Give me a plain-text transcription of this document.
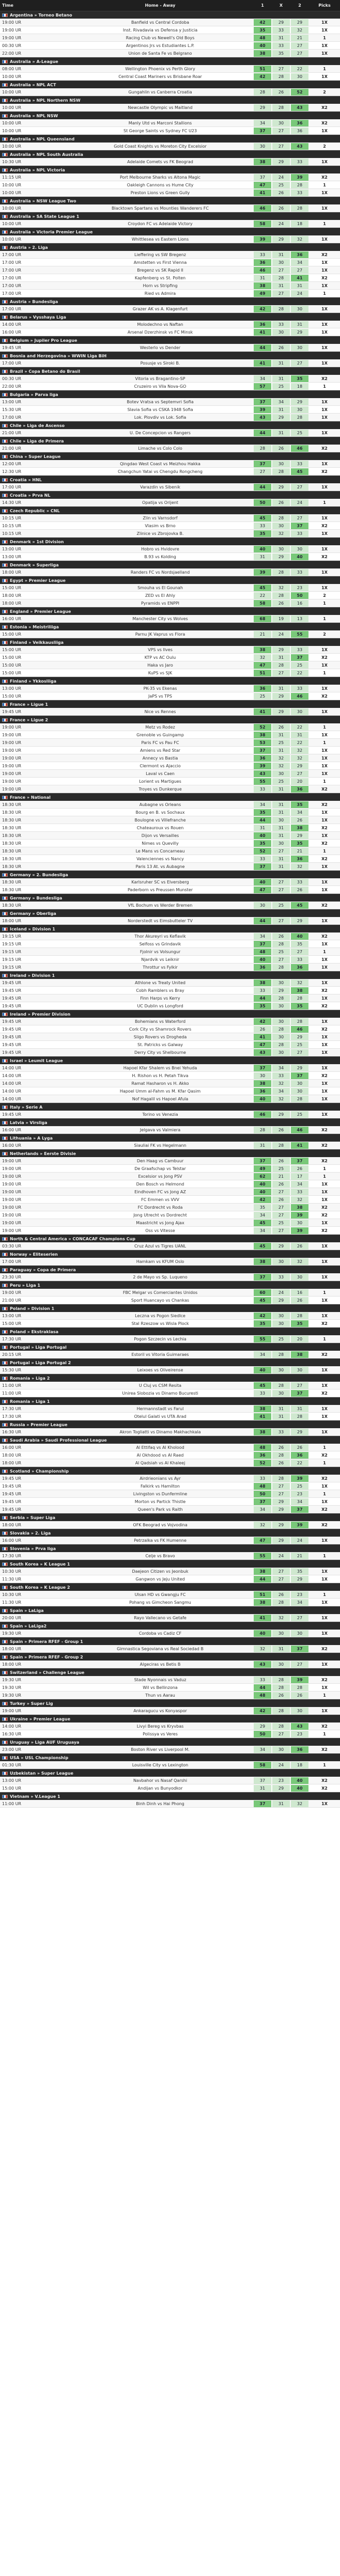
Time	Home - Away	1	X	2	Picks
Argentina » Torneo Betano
19:00 UR	Banfield vs Central Cordoba	42	29	29	1X
19:00 UR	Inst. Rivadavia vs Defensa y Justicia	35	33	32	1X
19:00 UR	Racing Club vs Newell's Old Boys	48	31	21	1
00:30 UR	Argentinos Jrs vs Estudiantes L.P.	40	33	27	1X
22:00 UR	Union de Santa Fe vs Belgrano	38	35	27	1X
Australia » A-League
08:00 UR	Wellington Phoenix vs Perth Glory	51	27	22	1
10:00 UR	Central Coast Mariners vs Brisbane Roar	42	28	30	1X
Australia » NPL ACT
10:00 UR	Gungahlin vs Canberra Croatia	28	26	52	2
Australia » NPL Northern NSW
10:00 UR	Newcastle Olympic vs Maitland	29	28	43	X2
Australia » NPL NSW
10:00 UR	Manly Utd vs Marconi Stallions	34	30	36	X2
10:00 UR	St George Saints vs Sydney FC U23	37	27	36	1X
Australia » NPL Queensland
10:00 UR	Gold Coast Knights vs Moreton City Excelsior	30	27	43	2
Australia » NPL South Australia
10:30 UR	Adelaide Comets vs FK Beograd	38	29	33	1X
Australia » NPL Victoria
11:15 UR	Port Melbourne Sharks vs Altona Magic	37	24	39	X2
10:00 UR	Oakleigh Cannons vs Hume City	47	25	28	1
10:00 UR	Preston Lions vs Green Gully	41	26	33	1X
Australia » NSW League Two
10:00 UR	Blacktown Spartans vs Mounties Wanderers FC	46	26	28	1X
Australia » SA State League 1
10:00 UR	Croydon FC vs Adelaide Victory	58	24	18	1
Australia » Victoria Premier League
10:00 UR	Whittlesea vs Eastern Lions	39	29	32	1X
Austria » 2. Liga
17:00 UR	Lieffering vs SW Bregenz	33	31	36	X2
17:00 UR	Amstetten vs First Vienna	36	30	34	1X
17:00 UR	Bregenz vs SK Rapid II	46	27	27	1X
17:00 UR	Kapfenberg vs St. Polten	31	28	41	X2
17:00 UR	Horn vs Stripfing	38	31	31	1X
17:00 UR	Ried vs Admira	49	27	24	1
Austria » Bundesliga
17:00 UR	Grazer AK vs A. Klagenfurt	42	28	30	1X
Belarus » Vysshaya Liga
14:00 UR	Molodechno vs Naftan	36	33	31	1X
16:00 UR	Arsenal Dzerzhinsk vs FC Minsk	41	30	29	1X
Belgium » Jupiler Pro League
19:45 UR	Westerlo vs Dender	44	26	30	1X
Bosnia and Herzegovina » WWIN Liga BiH
17:00 UR	Posusje vs Siroki B.	41	31	27	1X
Brazil » Copa Betano do Brasil
00:30 UR	Vitoria vs Bragantino-SP	34	31	35	X2
22:00 UR	Cruzeiro vs Vila Nova-GO	57	25	18	1
Bulgaria » Parva liga
13:00 UR	Botev Vratsa vs Septemvri Sofia	37	34	29	1X
15:30 UR	Slavia Sofia vs CSKA 1948 Sofia	39	31	30	1X
17:00 UR	Lok. Plovdiv vs Lok. Sofia	43	29	28	1X
Chile » Liga de Ascenso
21:00 UR	U. De Concepcion vs Rangers	44	31	25	1X
Chile » Liga de Primera
21:00 UR	Limache vs Colo Colo	28	26	46	X2
China » Super League
12:00 UR	Qingdao West Coast vs Meizhou Hakka	37	30	33	1X
12:30 UR	Changchun Yatai vs Chengdu Rongcheng	27	28	45	X2
Croatia » HNL
17:00 UR	Varazdin vs Sibenik	44	29	27	1X
Croatia » Prva NL
14:30 UR	Opatija vs Orijent	50	26	24	1
Czech Republic » CNL
10:15 UR	Zlin vs Varnsdorf	45	28	27	1X
10:15 UR	Vlasim vs Brno	33	30	37	X2
10:15 UR	Zlinice vs Zbrojovka B.	35	32	33	1X
Denmark » 1st Division
13:00 UR	Hobro vs Hvidovre	40	30	30	1X
13:00 UR	B.93 vs Kolding	31	29	40	X2
Denmark » Superliga
18:00 UR	Randers FC vs Nordsjaelland	39	28	33	1X
Egypt » Premier League
15:00 UR	Smouha vs El Gounah	45	32	23	1X
18:00 UR	ZED vs El Ahly	22	28	50	2
18:00 UR	Pyramids vs ENPPI	58	26	16	1
England » Premier League
16:00 UR	Manchester City vs Wolves	68	19	13	1
Estonia » Meistriliiga
15:00 UR	Parnu JK Vaprus vs Flora	21	24	55	2
Finland » Veikkausliiga
15:00 UR	VPS vs Ilves	38	29	33	1X
15:00 UR	KTP vs AC Oulu	32	31	37	X2
15:00 UR	Haka vs Jaro	47	28	25	1X
15:00 UR	KuPS vs SJK	51	27	22	1
Finland » Ykkosliiga
13:00 UR	PK-35 vs Ekenas	36	31	33	1X
15:00 UR	JaPS vs TPS	25	29	46	X2
France » Ligue 1
19:45 UR	Nice vs Rennes	41	29	30	1X
France » Ligue 2
19:00 UR	Metz vs Rodez	52	26	22	1
19:00 UR	Grenoble vs Guingamp	38	31	31	1X
19:00 UR	Paris FC vs Pau FC	53	25	22	1
19:00 UR	Amiens vs Red Star	37	31	32	1X
19:00 UR	Annecy vs Bastia	36	32	32	1X
19:00 UR	Clermont vs Ajaccio	39	32	29	1X
19:00 UR	Laval vs Caen	43	30	27	1X
19:00 UR	Lorient vs Martigues	55	25	20	1
19:00 UR	Troyes vs Dunkerque	33	31	36	X2
France » National
18:30 UR	Aubagne vs Orleans	34	31	35	X2
18:30 UR	Bourg en B. vs Sochaux	35	31	34	1X
18:30 UR	Boulogne vs Villefranche	44	30	26	1X
18:30 UR	Chateauroux vs Rouen	31	31	38	X2
18:30 UR	Dijon vs Versailles	40	31	29	1X
18:30 UR	Nimes vs Quevilly	35	30	35	X2
18:30 UR	Le Mans vs Concarneau	52	27	21	1
18:30 UR	Valenciennes vs Nancy	33	31	36	X2
18:30 UR	Paris 13 At. vs Aubagne	37	31	32	1X
Germany » 2. Bundesliga
18:30 UR	Karlsruher SC vs Elversberg	40	27	33	1X
18:30 UR	Paderborn vs Preussen Munster	47	27	26	1X
Germany » Bundesliga
18:30 UR	VfL Bochum vs Werder Bremen	30	25	45	X2
Germany » Oberliga
18:00 UR	Norderstedt vs Eimsbutteler TV	44	27	29	1X
Iceland » Division 1
19:15 UR	Thor Akureyri vs Keflavik	34	26	40	X2
19:15 UR	Selfoss vs Grindavik	37	28	35	1X
19:15 UR	Fjolnir vs Volsungur	48	25	27	1
19:15 UR	Njardvik vs Leiknir	40	27	33	1X
19:15 UR	Throttur vs Fylkir	36	28	36	1X
Ireland » Division 1
19:45 UR	Athlone vs Treaty United	38	30	32	1X
19:45 UR	Cobh Ramblers vs Bray	33	29	38	X2
19:45 UR	Finn Harps vs Kerry	44	28	28	1X
19:45 UR	UC Dublin vs Longford	35	30	35	X2
Ireland » Premier Division
19:45 UR	Bohemians vs Waterford	42	30	28	1X
19:45 UR	Cork City vs Shamrock Rovers	26	28	46	X2
19:45 UR	Sligo Rovers vs Drogheda	41	30	29	1X
19:45 UR	St. Patricks vs Galway	47	28	25	1X
19:45 UR	Derry City vs Shelbourne	43	30	27	1X
Israel » Leumit League
14:00 UR	Hapoel Kfar Shalem vs Bnei Yehuda	37	34	29	1X
14:00 UR	H. Rishon vs H. Petah Tikva	30	33	37	X2
14:00 UR	Ramat Hasharon vs H. Akko	38	32	30	1X
14:00 UR	Hapoel Umm al-Fahm vs M. Kfar Qasim	36	34	30	1X
14:00 UR	Nof Hagalil vs Hapoel Afula	40	32	28	1X
Italy » Serie A
19:45 UR	Torino vs Venezia	46	29	25	1X
Latvia » Virsliga
16:00 UR	Jelgava vs Valmiera	28	26	46	X2
Lithuania » A Lyga
16:00 UR	Siauliai FK vs Hegelmann	31	28	41	X2
Netherlands » Eerste Divisie
19:00 UR	Den Haag vs Cambuur	37	26	37	X2
19:00 UR	De Graafschap vs Telstar	49	25	26	1
19:00 UR	Excelsior vs Jong PSV	62	21	17	1
19:00 UR	Den Bosch vs Helmond	40	26	34	1X
19:00 UR	Eindhoven FC vs Jong AZ	40	27	33	1X
19:00 UR	FC Emmen vs VVV	42	26	32	1X
19:00 UR	FC Dordrecht vs Roda	35	27	38	X2
19:00 UR	Jong Utrecht vs Dordrecht	34	27	39	X2
19:00 UR	Maastricht vs Jong Ajax	45	25	30	1X
19:00 UR	Oss vs Vitesse	34	27	39	X2
North & Central America » CONCACAF Champions Cup
03:30 UR	Cruz Azul vs Tigres UANL	45	29	26	1X
Norway » Eliteserien
17:00 UR	Hamkam vs KFUM Oslo	38	30	32	1X
Paraguay » Copa de Primera
23:30 UR	2 de Mayo vs Sp. Luqueno	37	33	30	1X
Peru » Liga 1
19:00 UR	FBC Melgar vs Comerciantes Unidos	60	24	16	1
21:00 UR	Sport Huancayo vs Chankas	45	29	26	1X
Poland » Division 1
13:00 UR	Leczna vs Pogon Siedlce	42	30	28	1X
15:00 UR	Stal Rzeszow vs Wisla Plock	35	30	35	X2
Poland » Ekstraklasa
17:30 UR	Pogon Szczecin vs Lechia	55	25	20	1
Portugal » Liga Portugal
20:15 UR	Estoril vs Vitoria Guimaraes	34	28	38	X2
Portugal » Liga Portugal 2
15:30 UR	Leixoes vs Oliveirense	40	30	30	1X
Romania » Liga 2
11:00 UR	U Cluj vs CSM Resita	45	28	27	1X
11:00 UR	Unirea Slobozia vs Dinamo Bucuresti	33	30	37	X2
Romania » Liga 1
17:30 UR	Hermannstadt vs Farul	38	31	31	1X
17:30 UR	Otelul Galati vs UTA Arad	41	31	28	1X
Russia » Premier League
16:30 UR	Akron Togliatti vs Dinamo Makhachkala	38	33	29	1X
Saudi Arabia » Saudi Professional League
16:00 UR	Al Ettifaq vs Al Kholood	48	26	26	1
18:00 UR	Al Okhdood vs Al Raed	36	28	36	X2
18:00 UR	Al Qadsiah vs Al Khaleej	52	26	22	1
Scotland » Championship
19:45 UR	Airdrieonians vs Ayr	33	28	39	X2
19:45 UR	Falkirk vs Hamilton	48	27	25	1X
19:45 UR	Livingston vs Dunfermline	50	27	23	1
19:45 UR	Morton vs Partick Thistle	37	29	34	1X
19:45 UR	Queen's Park vs Raith	34	29	37	X2
Serbia » Super Liga
18:00 UR	OFK Beograd vs Vojvodina	32	29	39	X2
Slovakia » 2. Liga
16:00 UR	Petrzalka vs FK Humenne	47	29	24	1X
Slovenia » Prva liga
17:30 UR	Celje vs Bravo	55	24	21	1
South Korea » K League 1
10:30 UR	Daejeon Citizen vs Jeonbuk	38	27	35	1X
11:30 UR	Gangwon vs Jeju United	44	27	29	1X
South Korea » K League 2
10:30 UR	Ulsan HD vs Gwangju FC	51	26	23	1
11:30 UR	Pohang vs Gimcheon Sangmu	38	28	34	1X
Spain » LaLiga
20:00 UR	Rayo Vallecano vs Getafe	41	32	27	1X
Spain » LaLiga2
19:30 UR	Cordoba vs Cadiz CF	40	30	30	1X
Spain » Primera RFEF - Group 1
18:00 UR	Gimnastica Segoviana vs Real Sociedad B	32	31	37	X2
Spain » Primera RFEF - Group 2
18:00 UR	Algeciras vs Betis B	43	30	27	1X
Switzerland » Challenge League
19:30 UR	Stade Nyonnais vs Vaduz	33	28	39	X2
19:30 UR	Wil vs Bellinzona	44	28	28	1X
19:30 UR	Thun vs Aarau	48	26	26	1
Turkey » Super Lig
19:00 UR	Ankaragucu vs Konyaspor	42	28	30	1X
Ukraine » Premier League
14:00 UR	Livyi Bereg vs Kryvbas	29	28	43	X2
16:30 UR	Polissya vs Veres	50	27	23	1
Uruguay » Liga AUF Uruguaya
23:00 UR	Boston River vs Liverpool M.	34	30	36	X2
USA » USL Championship
01:30 UR	Louisville City vs Lexington	58	24	18	1
Uzbekistan » Super League
13:00 UR	Navbahor vs Nasaf Qarshi	37	23	40	X2
15:00 UR	Andijan vs Bunyodkor	31	29	40	X2
Vietnam » V.League 1
11:00 UR	Binh Dinh vs Hai Phong	37	31	32	1X
